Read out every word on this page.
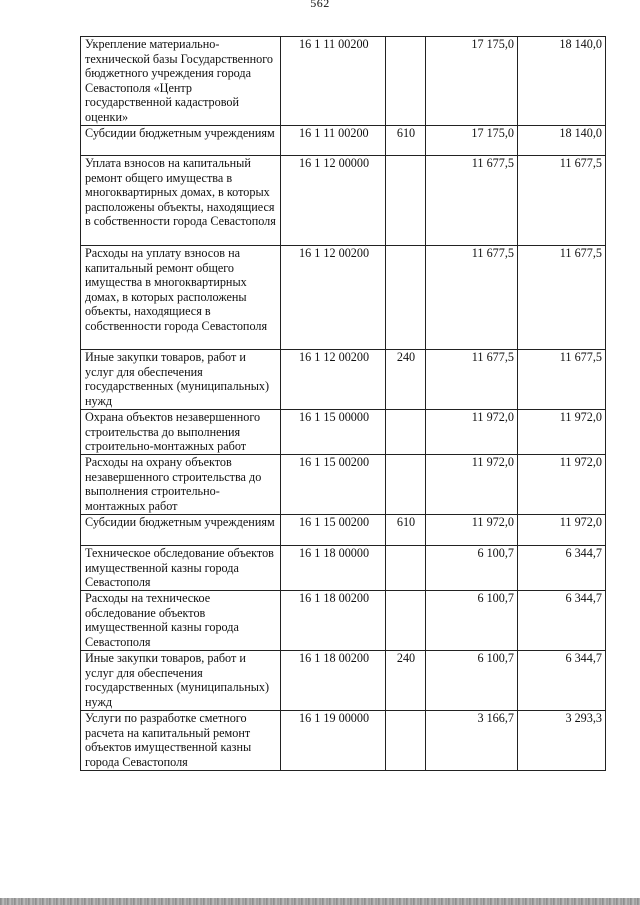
562
Укрепление материально-технической базы Государственного бюджетного учреждения города Севастополя «Центр государственной кадастровой оценки»	16 1 11 00200		17 175,0	18 140,0
Субсидии бюджетным учреждениям	16 1 11 00200	610	17 175,0	18 140,0
Уплата взносов на капитальный ремонт общего имущества в многоквартирных домах, в которых расположены объекты, находящиеся в собственности города Севастополя	16 1 12 00000		11 677,5	11 677,5
Расходы на уплату взносов на капитальный ремонт общего имущества в многоквартирных домах, в которых расположены объекты, находящиеся в собственности города Севастополя	16 1 12 00200		11 677,5	11 677,5
Иные закупки товаров, работ и услуг для обеспечения государственных (муниципальных) нужд	16 1 12 00200	240	11 677,5	11 677,5
Охрана объектов незавершенного строительства до выполнения строительно-монтажных работ	16 1 15 00000		11 972,0	11 972,0
Расходы на охрану объектов незавершенного строительства до выполнения строительно-монтажных работ	16 1 15 00200		11 972,0	11 972,0
Субсидии бюджетным учреждениям	16 1 15 00200	610	11 972,0	11 972,0
Техническое обследование объектов имущественной казны города Севастополя	16 1 18 00000		6 100,7	6 344,7
Расходы на техническое обследование объектов имущественной казны города Севастополя	16 1 18 00200		6 100,7	6 344,7
Иные закупки товаров, работ и услуг для обеспечения государственных (муниципальных) нужд	16 1 18 00200	240	6 100,7	6 344,7
Услуги по разработке сметного расчета на капитальный ремонт объектов имущественной казны города Севастополя	16 1 19 00000		3 166,7	3 293,3
